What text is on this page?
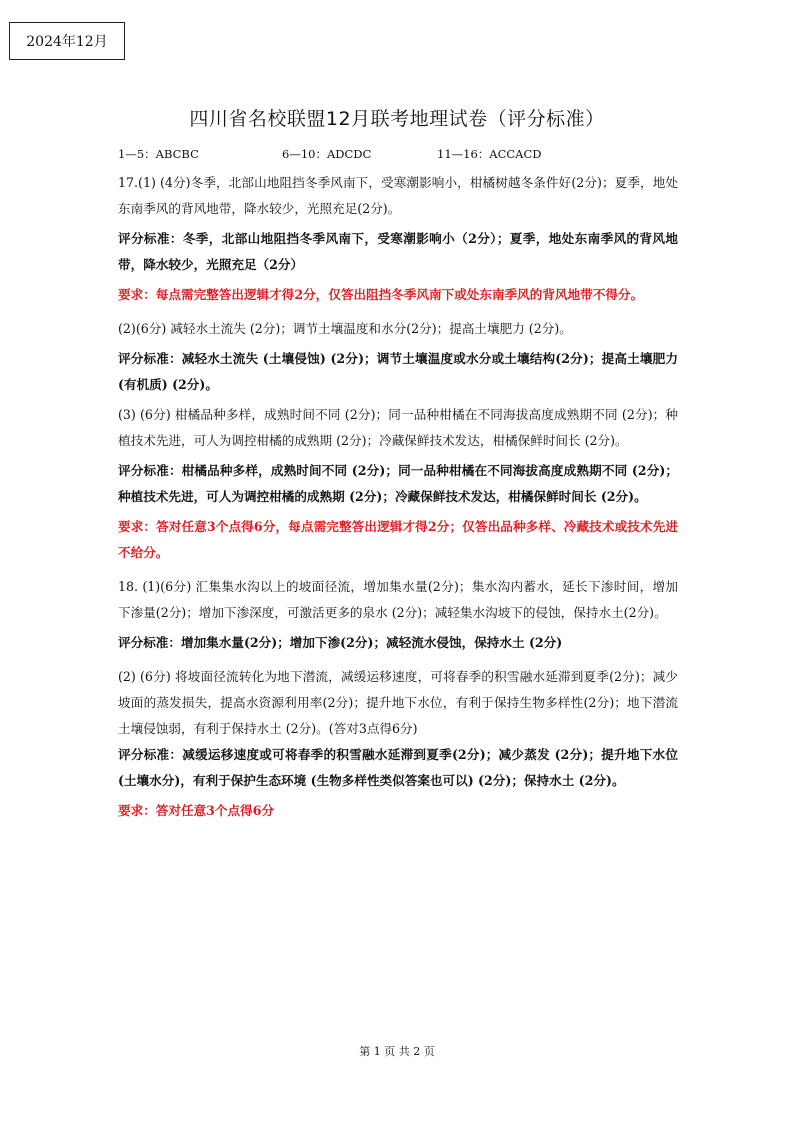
2024年12月
四川省名校联盟12月联考地理试卷（评分标准）
1—5：ABCBC	6—10：ADCDC	11—16：ACCACD

17.(1) (4分)冬季，北部山地阻挡冬季风南下，受寒潮影响小，柑橘树越冬条件好(2分)；夏季，地处东南季风的背风地带，降水较少，光照充足(2分)。

评分标准：冬季，北部山地阻挡冬季风南下，受寒潮影响小（2分）；夏季，地处东南季风的背风地带，降水较少，光照充足（2分）

要求：每点需完整答出逻辑才得2分，仅答出阻挡冬季风南下或处东南季风的背风地带不得分。

(2)(6分) 减轻水土流失 (2分)；调节土壤温度和水分(2分)；提高土壤肥力 (2分)。

评分标准：减轻水土流失 (土壤侵蚀) (2分)；调节土壤温度或水分或土壤结构(2分)；提高土壤肥力 (有机质) (2分)。

(3) (6分) 柑橘品种多样，成熟时间不同 (2分)；同一品种柑橘在不同海拔高度成熟期不同 (2分)；种植技术先进，可人为调控柑橘的成熟期 (2分)；冷藏保鲜技术发达，柑橘保鲜时间长 (2分)。

评分标准：柑橘品种多样，成熟时间不同 (2分)；同一品种柑橘在不同海拔高度成熟期不同 (2分)；种植技术先进，可人为调控柑橘的成熟期 (2分)；冷藏保鲜技术发达，柑橘保鲜时间长 (2分)。

要求：答对任意3个点得6分，每点需完整答出逻辑才得2分；仅答出品种多样、冷藏技术或技术先进不给分。

18. (1)(6分) 汇集集水沟以上的坡面径流，增加集水量(2分)；集水沟内蓄水，延长下渗时间，增加下渗量(2分)；增加下渗深度，可激活更多的泉水 (2分)；减轻集水沟坡下的侵蚀，保持水土(2分)。

评分标准：增加集水量(2分)；增加下渗(2分)；减轻流水侵蚀，保持水土 (2分)

(2) (6分) 将坡面径流转化为地下潜流，减缓运移速度，可将春季的积雪融水延滞到夏季(2分)；减少坡面的蒸发损失，提高水资源利用率(2分)；提升地下水位，有利于保持生物多样性(2分)；地下潜流土壤侵蚀弱，有利于保持水土 (2分)。(答对3点得6分)

评分标准：减缓运移速度或可将春季的积雪融水延滞到夏季(2分)；减少蒸发 (2分)；提升地下水位 (土壤水分)，有利于保护生态环境 (生物多样性类似答案也可以) (2分)；保持水土 (2分)。

要求：答对任意3个点得6分

第 1 页 共 2 页
